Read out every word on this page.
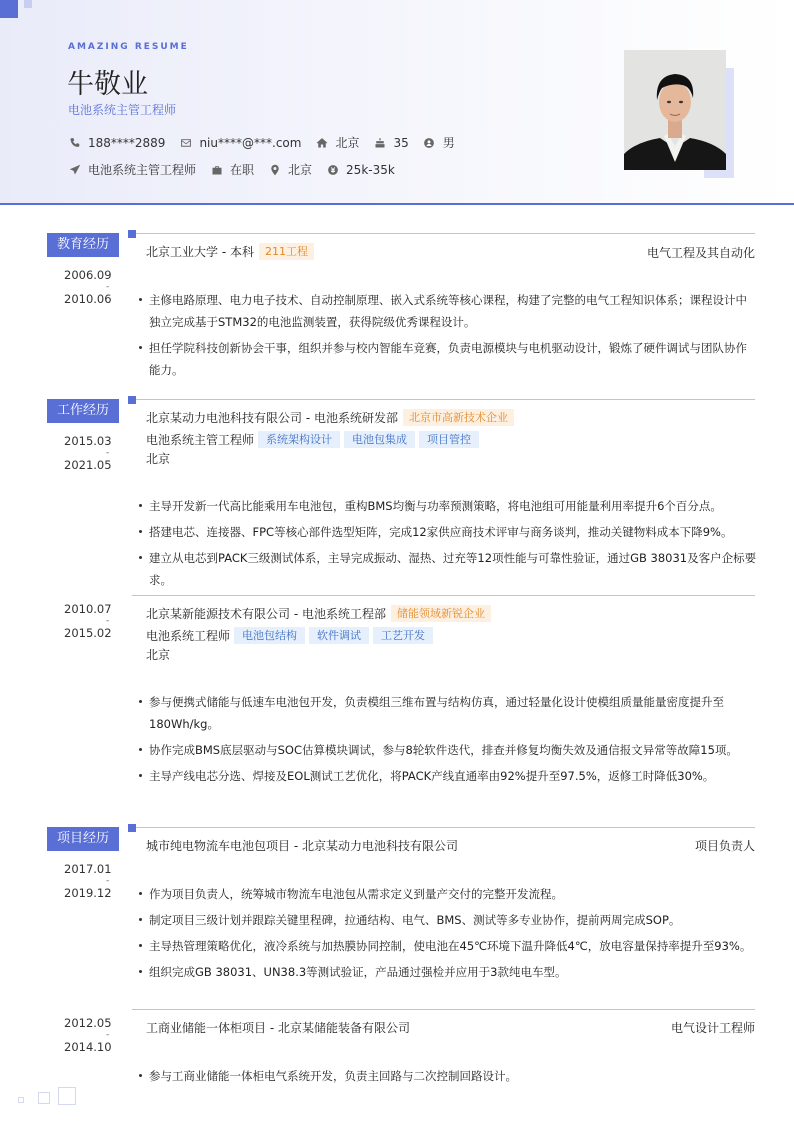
AMAZING RESUME
牛敬业
电池系统主管工程师
188****2889	niu****@***.com	北京	35	男
电池系统主管工程师	在职	北京	25k-35k
教育经历
2006.09
-
2010.06
北京工业大学 - 本科	211工程	电气工程及其自动化
主修电路原理、电力电子技术、自动控制原理、嵌入式系统等核心课程，构建了完整的电气工程知识体系；课程设计中独立完成基于STM32的电池监测装置，获得院级优秀课程设计。
担任学院科技创新协会干事，组织并参与校内智能车竞赛，负责电源模块与电机驱动设计，锻炼了硬件调试与团队协作能力。
工作经历
2015.03
-
2021.05
北京某动力电池科技有限公司 - 电池系统研发部	北京市高新技术企业
电池系统主管工程师	系统架构设计	电池包集成	项目管控
北京
主导开发新一代高比能乘用车电池包，重构BMS均衡与功率预测策略，将电池组可用能量利用率提升6个百分点。
搭建电芯、连接器、FPC等核心部件选型矩阵，完成12家供应商技术评审与商务谈判，推动关键物料成本下降9%。
建立从电芯到PACK三级测试体系，主导完成振动、湿热、过充等12项性能与可靠性验证，通过GB 38031及客户企标要求。
2010.07
-
2015.02
北京某新能源技术有限公司 - 电池系统工程部	储能领域新锐企业
电池系统工程师	电池包结构	软件调试	工艺开发
北京
参与便携式储能与低速车电池包开发，负责模组三维布置与结构仿真，通过轻量化设计使模组质量能量密度提升至180Wh/kg。
协作完成BMS底层驱动与SOC估算模块调试，参与8轮软件迭代，排查并修复均衡失效及通信报文异常等故障15项。
主导产线电芯分选、焊接及EOL测试工艺优化，将PACK产线直通率由92%提升至97.5%，返修工时降低30%。
项目经历
2017.01
-
2019.12
城市纯电物流车电池包项目 - 北京某动力电池科技有限公司	项目负责人
作为项目负责人，统筹城市物流车电池包从需求定义到量产交付的完整开发流程。
制定项目三级计划并跟踪关键里程碑，拉通结构、电气、BMS、测试等多专业协作，提前两周完成SOP。
主导热管理策略优化，液冷系统与加热膜协同控制，使电池在45℃环境下温升降低4℃，放电容量保持率提升至93%。
组织完成GB 38031、UN38.3等测试验证，产品通过强检并应用于3款纯电车型。
2012.05
-
2014.10
工商业储能一体柜项目 - 北京某储能装备有限公司	电气设计工程师
参与工商业储能一体柜电气系统开发，负责主回路与二次控制回路设计。
